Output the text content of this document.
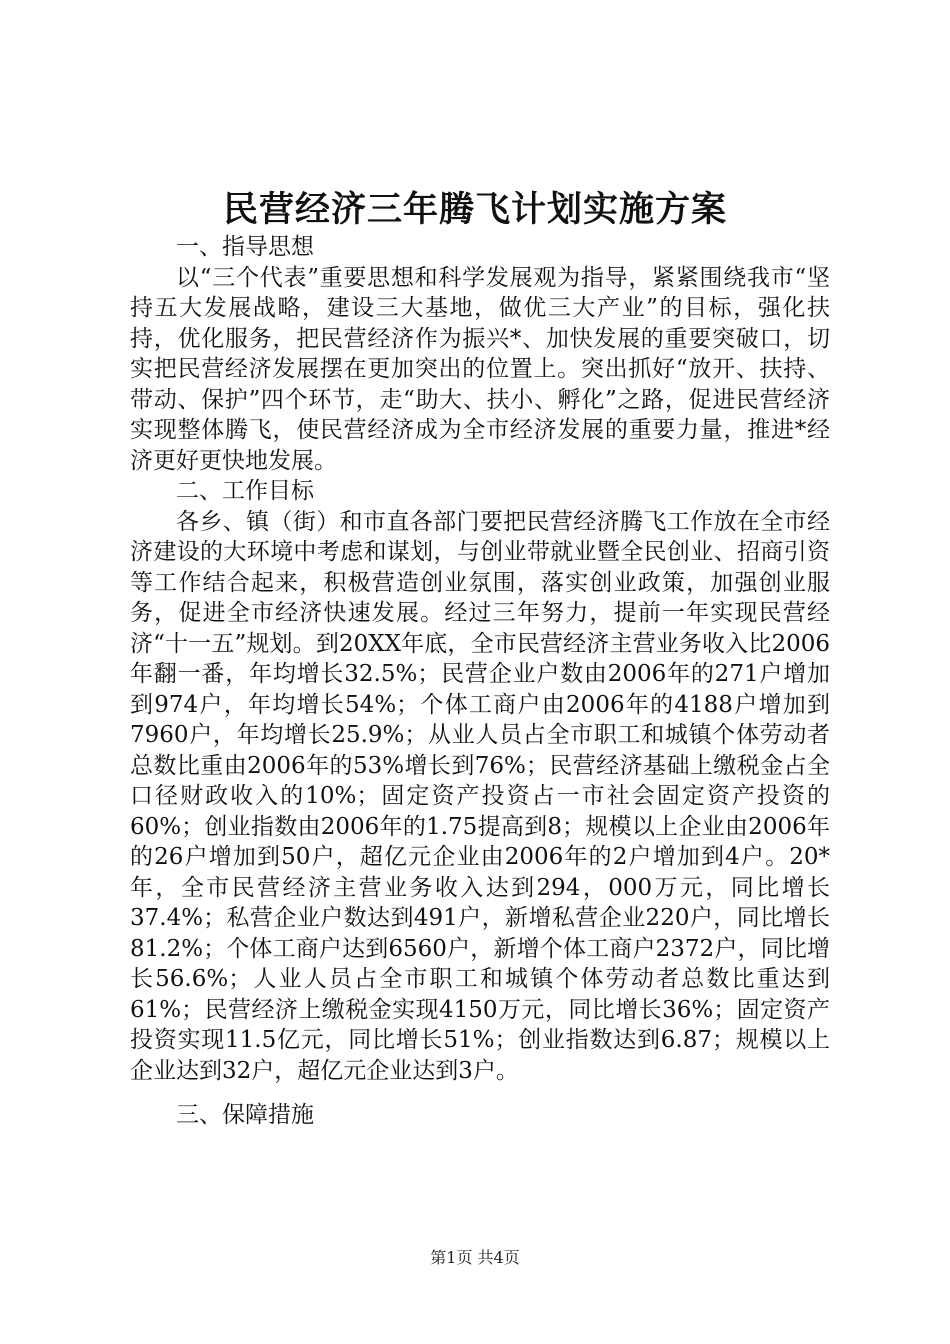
民营经济三年腾飞计划实施方案
一、指导思想

以“三个代表”重要思想和科学发展观为指导，紧紧围绕我市“坚持五大发展战略，建设三大基地，做优三大产业”的目标，强化扶持，优化服务，把民营经济作为振兴*、加快发展的重要突破口，切实把民营经济发展摆在更加突出的位置上。突出抓好“放开、扶持、带动、保护”四个环节，走“助大、扶小、孵化”之路，促进民营经济实现整体腾飞，使民营经济成为全市经济发展的重要力量，推进*经济更好更快地发展。

二、工作目标

各乡、镇（街）和市直各部门要把民营经济腾飞工作放在全市经济建设的大环境中考虑和谋划，与创业带就业暨全民创业、招商引资等工作结合起来，积极营造创业氛围，落实创业政策，加强创业服务，促进全市经济快速发展。经过三年努力，提前一年实现民营经济“十一五”规划。到20XX年底，全市民营经济主营业务收入比2006年翻一番，年均增长32.5%；民营企业户数由2006年的271户增加到974户，年均增长54%；个体工商户由2006年的4188户增加到7960户，年均增长25.9%；从业人员占全市职工和城镇个体劳动者总数比重由2006年的53%增长到76%；民营经济基础上缴税金占全口径财政收入的10%；固定资产投资占一市社会固定资产投资的60%；创业指数由2006年的1.75提高到8；规模以上企业由2006年的26户增加到50户，超亿元企业由2006年的2户增加到4户。20*年，全市民营经济主营业务收入达到294，000万元，同比增长37.4%；私营企业户数达到491户，新增私营企业220户，同比增长81.2%；个体工商户达到6560户，新增个体工商户2372户，同比增长56.6%；人业人员占全市职工和城镇个体劳动者总数比重达到61%；民营经济上缴税金实现4150万元，同比增长36%；固定资产投资实现11.5亿元，同比增长51%；创业指数达到6.87；规模以上企业达到32户，超亿元企业达到3户。

三、保障措施
第1页 共4页
